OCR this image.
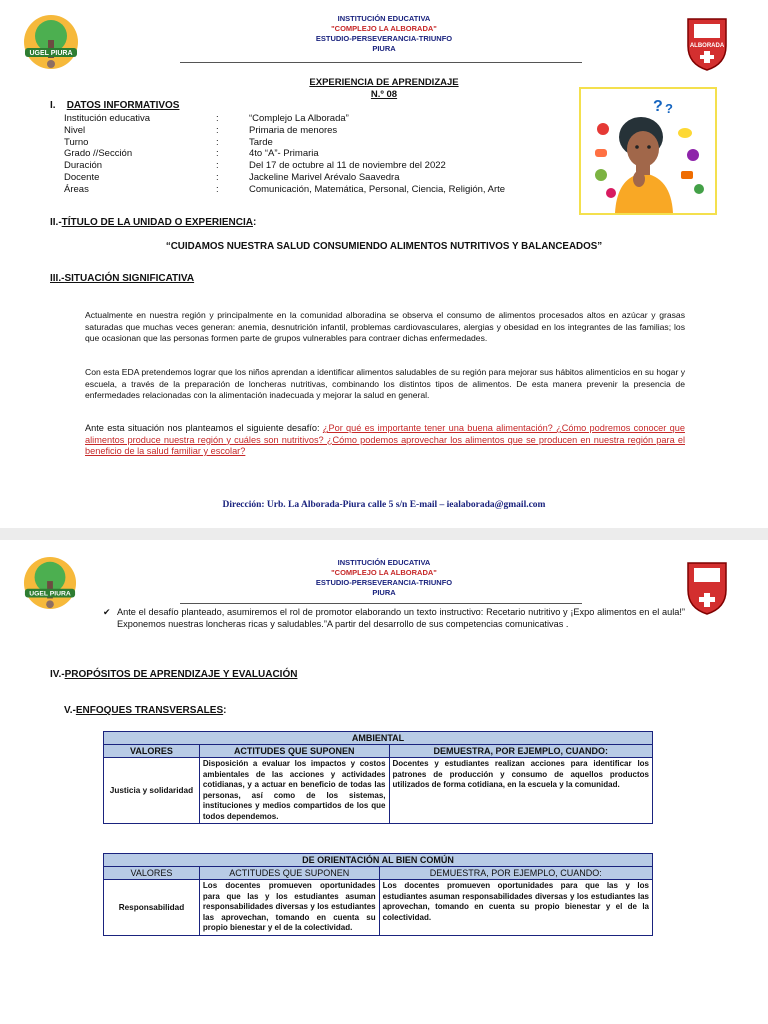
UGEL PIURA
INSTITUCIÓN EDUCATIVA
"COMPLEJO LA ALBORADA"
ESTUDIO-PERSEVERANCIA-TRIUNFO
PIURA	ALBORADA
EXPERIENCIA DE APRENDIZAJE
N.º 08
I. DATOS INFORMATIVOS
Institución educativa	:	“Complejo La Alborada”
Nivel	:	Primaria de menores
Turno	:	Tarde
Grado //Sección	:	4to “A”- Primaria
Duración	:	Del 17 de octubre al 11 de noviembre del 2022
Docente	:	Jackeline Marivel Arévalo Saavedra
Áreas	:	Comunicación, Matemática, Personal, Ciencia, Religión, Arte
? ?
II.-TÍTULO DE LA UNIDAD O EXPERIENCIA:
“CUIDAMOS NUESTRA SALUD CONSUMIENDO ALIMENTOS NUTRITIVOS Y BALANCEADOS”
III.-SITUACIÓN SIGNIFICATIVA
Actualmente en nuestra región y principalmente en la comunidad alboradina se observa el consumo de alimentos procesados altos en azúcar y grasas saturadas que muchas veces generan: anemia, desnutrición infantil, problemas cardiovasculares, alergias y obesidad en los integrantes de las familias; los que ocasionan que las personas formen parte de grupos vulnerables para contraer dichas enfermedades.
Con esta EDA pretendemos lograr que los niños aprendan a identificar alimentos saludables de su región para mejorar sus hábitos alimenticios en su hogar y escuela, a través de la preparación de loncheras nutritivas, combinando los distintos tipos de alimentos. De esta manera prevenir la presencia de enfermedades relacionadas con la alimentación inadecuada y mejorar la salud en general.
Ante esta situación nos planteamos el siguiente desafío: ¿Por qué es importante tener una buena alimentación? ¿Cómo podremos conocer que alimentos produce nuestra región y cuáles son nutritivos? ¿Cómo podemos aprovechar los alimentos que se producen en nuestra región para el beneficio de la salud familiar y escolar?
Dirección: Urb. La Alborada-Piura calle 5 s/n E-mail – iealaborada@gmail.com
UGEL PIURA
INSTITUCIÓN EDUCATIVA
"COMPLEJO LA ALBORADA"
ESTUDIO-PERSEVERANCIA-TRIUNFO
PIURA
✔ Ante el desafío planteado, asumiremos el rol de promotor elaborando un texto instructivo: Recetario nutritivo y ¡Expo alimentos en el aula!” Exponemos nuestras loncheras ricas y saludables.”A partir del desarrollo de sus competencias comunicativas .
IV.-PROPÓSITOS DE APRENDIZAJE Y EVALUACIÓN
V.-ENFOQUES TRANSVERSALES:
AMBIENTAL		
VALORES	ACTITUDES QUE SUPONEN	DEMUESTRA, POR EJEMPLO, CUANDO:
Justicia y solidaridad	Disposición a evaluar los impactos y costos ambientales de las acciones y actividades cotidianas, y a actuar en beneficio de todas las personas, así como de los sistemas, instituciones y medios compartidos de los que todos dependemos.	Docentes y estudiantes realizan acciones para identificar los patrones de producción y consumo de aquellos productos utilizados de forma cotidiana, en la escuela y la comunidad.
DE ORIENTACIÓN AL BIEN COMÚN		
VALORES	ACTITUDES QUE SUPONEN	DEMUESTRA, POR EJEMPLO, CUANDO:
Responsabilidad	Los docentes promueven oportunidades para que las y los estudiantes asuman responsabilidades diversas y los estudiantes las aprovechan, tomando en cuenta su propio bienestar y el de la colectividad.	Los docentes promueven oportunidades para que las y los estudiantes asuman responsabilidades diversas y los estudiantes las aprovechan, tomando en cuenta su propio bienestar y el de la colectividad.
